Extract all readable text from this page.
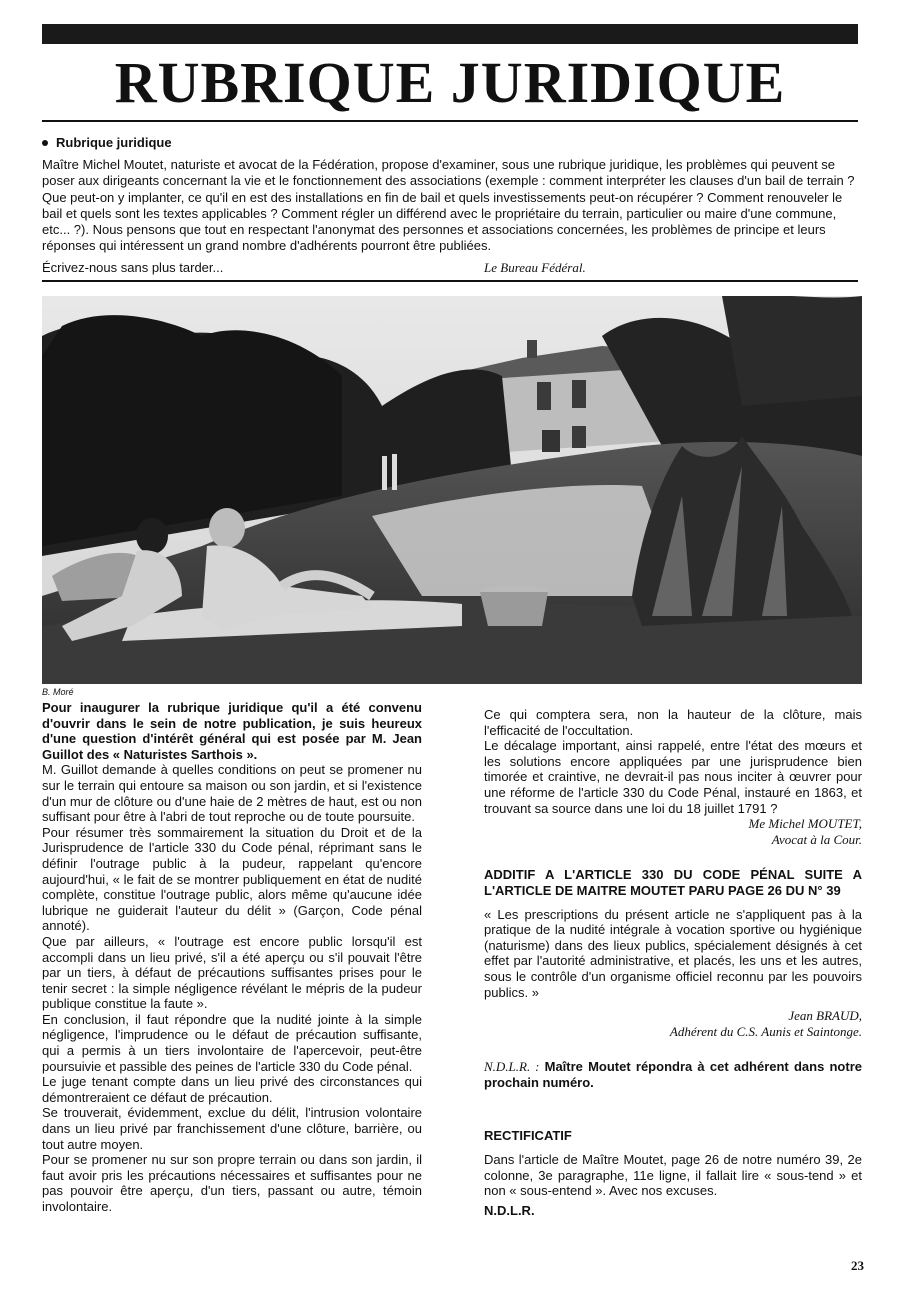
RUBRIQUE JURIDIQUE
Rubrique juridique

Maître Michel Moutet, naturiste et avocat de la Fédération, propose d'examiner, sous une rubrique juridique, les problèmes qui peuvent se poser aux dirigeants concernant la vie et le fonctionnement des associations (exemple : comment interpréter les clauses d'un bail de terrain ? Que peut-on y implanter, ce qu'il en est des installations en fin de bail et quels investissements peut-on récupérer ? Comment renouveler le bail et quels sont les textes applicables ? Comment régler un différend avec le propriétaire du terrain, particulier ou maire d'une commune, etc... ?). Nous pensons que tout en respectant l'anonymat des personnes et associations concernées, les problèmes de principe et leurs réponses qui intéressent un grand nombre d'adhérents pourront être publiées.

Écrivez-nous sans plus tarder...	Le Bureau Fédéral.
B. Moré

Pour inaugurer la rubrique juridique qu'il a été convenu d'ouvrir dans le sein de notre publication, je suis heureux d'une question d'intérêt général qui est posée par M. Jean Guillot des « Naturistes Sarthois ».

M. Guillot demande à quelles conditions on peut se promener nu sur le terrain qui entoure sa maison ou son jardin, et si l'existence d'un mur de clôture ou d'une haie de 2 mètres de haut, est ou non suffisant pour être à l'abri de tout reproche ou de toute poursuite.

Pour résumer très sommairement la situation du Droit et de la Jurisprudence de l'article 330 du Code pénal, réprimant sans le définir l'outrage public à la pudeur, rappelant qu'encore aujourd'hui, « le fait de se montrer publiquement en état de nudité complète, constitue l'outrage public, alors même qu'aucune idée lubrique ne guiderait l'auteur du délit » (Garçon, Code pénal annoté).

Que par ailleurs, « l'outrage est encore public lorsqu'il est accompli dans un lieu privé, s'il a été aperçu ou s'il pouvait l'être par un tiers, à défaut de précautions suffisantes prises pour le tenir secret : la simple négligence révélant le mépris de la pudeur publique constitue la faute ».

En conclusion, il faut répondre que la nudité jointe à la simple négligence, l'imprudence ou le défaut de précaution suffisante, qui a permis à un tiers involontaire de l'apercevoir, peut-être poursuivie et passible des peines de l'article 330 du Code pénal.

Le juge tenant compte dans un lieu privé des circonstances qui démontreraient ce défaut de précaution.

Se trouverait, évidemment, exclue du délit, l'intrusion volontaire dans un lieu privé par franchissement d'une clôture, barrière, ou tout autre moyen.

Pour se promener nu sur son propre terrain ou dans son jardin, il faut avoir pris les précautions nécessaires et suffisantes pour ne pas pouvoir être aperçu, d'un tiers, passant ou autre, témoin involontaire.

Ce qui comptera sera, non la hauteur de la clôture, mais l'efficacité de l'occultation.

Le décalage important, ainsi rappelé, entre l'état des mœurs et les solutions encore appliquées par une jurisprudence bien timorée et craintive, ne devrait-il pas nous inciter à œuvrer pour une réforme de l'article 330 du Code Pénal, instauré en 1863, et trouvant sa source dans une loi du 18 juillet 1791 ?

Me Michel MOUTET,
Avocat à la Cour.

ADDITIF A L'ARTICLE 330 DU CODE PÉNAL SUITE A L'ARTICLE DE MAITRE MOUTET PARU PAGE 26 DU N° 39

« Les prescriptions du présent article ne s'appliquent pas à la pratique de la nudité intégrale à vocation sportive ou hygiénique (naturisme) dans des lieux publics, spécialement désignés à cet effet par l'autorité administrative, et placés, les uns et les autres, sous le contrôle d'un organisme officiel reconnu par les pouvoirs publics. »

Jean BRAUD,
Adhérent du C.S. Aunis et Saintonge.

N.D.L.R. : Maître Moutet répondra à cet adhérent dans notre prochain numéro.

RECTIFICATIF

Dans l'article de Maître Moutet, page 26 de notre numéro 39, 2e colonne, 3e paragraphe, 11e ligne, il fallait lire « sous-tend » et non « sous-entend ». Avec nos excuses.

N.D.L.R.

23
